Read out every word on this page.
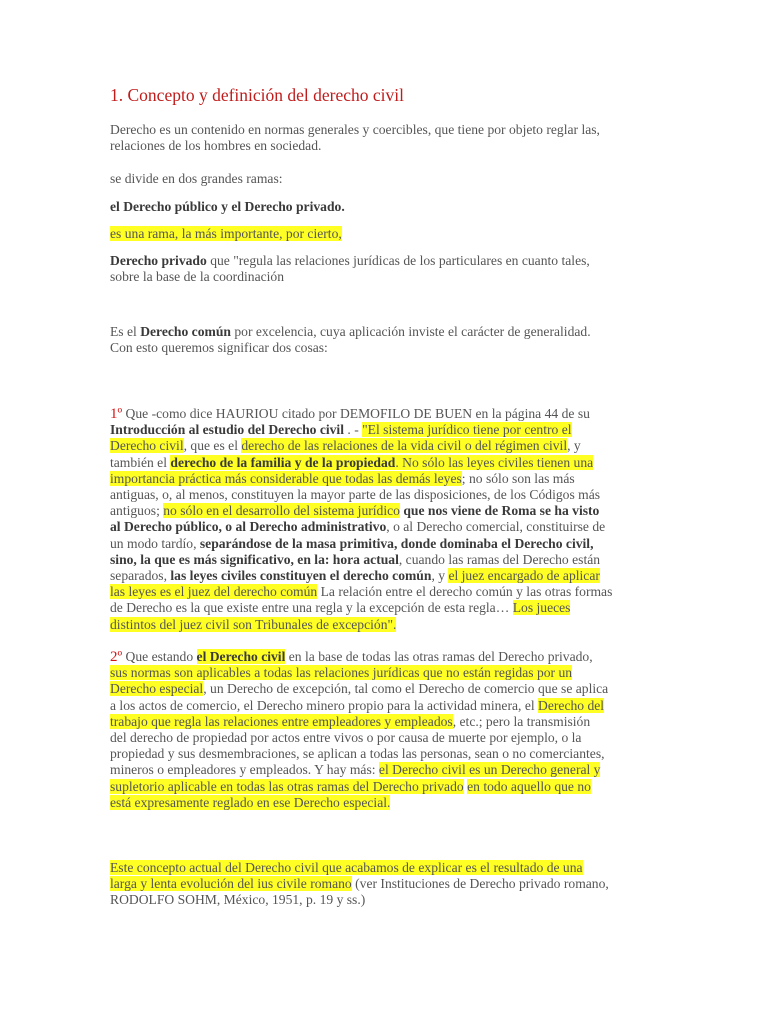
1. Concepto y definición del derecho civil

Derecho es un contenido en normas generales y coercibles, que tiene por objeto reglar las,
relaciones de los hombres en sociedad.

se divide en dos grandes ramas:

el Derecho público y el Derecho privado.

es una rama, la más importante, por cierto,

Derecho privado que "regula las relaciones jurídicas de los particulares en cuanto tales,
sobre la base de la coordinación

Es el Derecho común por excelencia, cuya aplicación inviste el carácter de generalidad.
Con esto queremos significar dos cosas:

1º Que -como dice HAURIOU citado por DEMOFILO DE BUEN en la página 44 de su
Introducción al estudio del Derecho civil . - "El sistema jurídico tiene por centro el
Derecho civil, que es el derecho de las relaciones de la vida civil o del régimen civil, y
también el derecho de la familia y de la propiedad. No sólo las leyes civiles tienen una
importancia práctica más considerable que todas las demás leyes; no sólo son las más
antiguas, o, al menos, constituyen la mayor parte de las disposiciones, de los Códigos más
antiguos; no sólo en el desarrollo del sistema jurídico que nos viene de Roma se ha visto
al Derecho público, o al Derecho administrativo, o al Derecho comercial, constituirse de
un modo tardío, separándose de la masa primitiva, donde dominaba el Derecho civil,
sino, la que es más significativo, en la: hora actual, cuando las ramas del Derecho están
separados, las leyes civiles constituyen el derecho común, y el juez encargado de aplicar
las leyes es el juez del derecho común La relación entre el derecho común y las otras formas
de Derecho es la que existe entre una regla y la excepción de esta regla… Los jueces
distintos del juez civil son Tribunales de excepción".

2º Que estando el Derecho civil en la base de todas las otras ramas del Derecho privado,
sus normas son aplicables a todas las relaciones jurídicas que no están regidas por un
Derecho especial, un Derecho de excepción, tal como el Derecho de comercio que se aplica
a los actos de comercio, el Derecho minero propio para la actividad minera, el Derecho del
trabajo que regla las relaciones entre empleadores y empleados, etc.; pero la transmisión
del derecho de propiedad por actos entre vivos o por causa de muerte por ejemplo, o la
propiedad y sus desmembraciones, se aplican a todas las personas, sean o no comerciantes,
mineros o empleadores y empleados. Y hay más: el Derecho civil es un Derecho general y
supletorio aplicable en todas las otras ramas del Derecho privado en todo aquello que no
está expresamente reglado en ese Derecho especial.

Este concepto actual del Derecho civil que acabamos de explicar es el resultado de una
larga y lenta evolución del ius civile romano (ver Instituciones de Derecho privado romano,
RODOLFO SOHM, México, 1951, p. 19 y ss.)
